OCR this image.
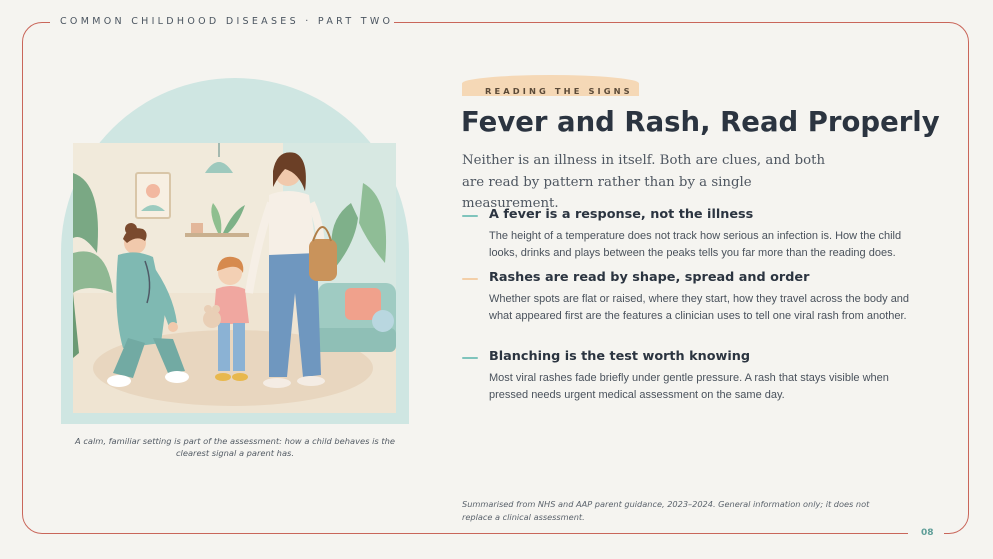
COMMON CHILDHOOD DISEASES · PART TWO
08
A calm, familiar setting is part of the assessment: how a child behaves is the clearest signal a parent has.
READING THE SIGNS
Fever and Rash, Read Properly

Neither is an illness in itself. Both are clues, and both are read by pattern rather than by a single measurement.

A fever is a response, not the illness

The height of a temperature does not track how serious an infection is. How the child looks, drinks and plays between the peaks tells you far more than the reading does.

Rashes are read by shape, spread and order

Whether spots are flat or raised, where they start, how they travel across the body and what appeared first are the features a clinician uses to tell one viral rash from another.

Blanching is the test worth knowing

Most viral rashes fade briefly under gentle pressure. A rash that stays visible when pressed needs urgent medical assessment on the same day.

Summarised from NHS and AAP parent guidance, 2023–2024. General information only; it does not replace a clinical assessment.
